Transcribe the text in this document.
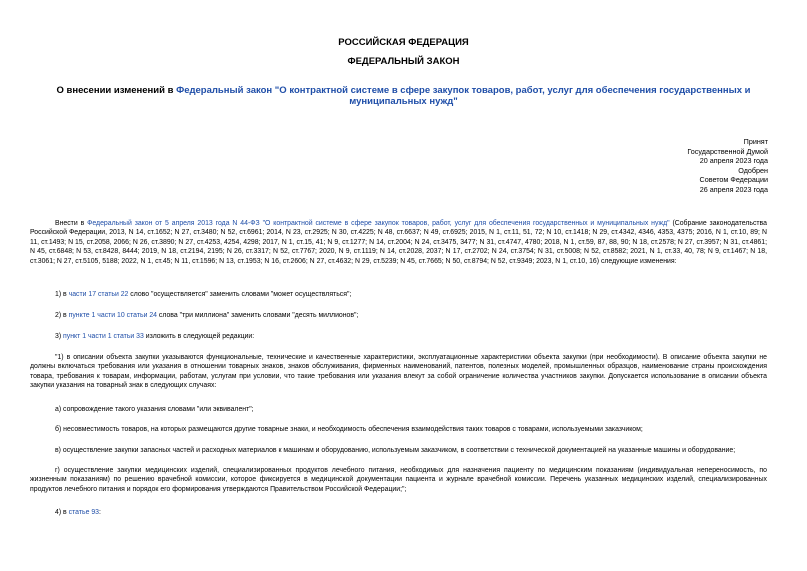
РОССИЙСКАЯ ФЕДЕРАЦИЯ
ФЕДЕРАЛЬНЫЙ ЗАКОН
О внесении изменений в Федеральный закон "О контрактной системе в сфере закупок товаров, работ, услуг для обеспечения государственных и муниципальных нужд"
Принят
Государственной Думой
20 апреля 2023 года
Одобрен
Советом Федерации
26 апреля 2023 года
Внести в Федеральный закон от 5 апреля 2013 года N 44-ФЗ "О контрактной системе в сфере закупок товаров, работ, услуг для обеспечения государственных и муниципальных нужд" (Собрание законодательства Российской Федерации, 2013, N 14, ст.1652; N 27, ст.3480; N 52, ст.6961; 2014, N 23, ст.2925; N 30, ст.4225; N 48, ст.6637; N 49, ст.6925; 2015, N 1, ст.11, 51, 72; N 10, ст.1418; N 29, ст.4342, 4346, 4353, 4375; 2016, N 1, ст.10, 89; N 11, ст.1493; N 15, ст.2058, 2066; N 26, ст.3890; N 27, ст.4253, 4254, 4298; 2017, N 1, ст.15, 41; N 9, ст.1277; N 14, ст.2004; N 24, ст.3475, 3477; N 31, ст.4747, 4780; 2018, N 1, ст.59, 87, 88, 90; N 18, ст.2578; N 27, ст.3957; N 31, ст.4861; N 45, ст.6848; N 53, ст.8428, 8444; 2019, N 18, ст.2194, 2195; N 26, ст.3317; N 52, ст.7767; 2020, N 9, ст.1119; N 14, ст.2028, 2037; N 17, ст.2702; N 24, ст.3754; N 31, ст.5008; N 52, ст.8582; 2021, N 1, ст.33, 40, 78; N 9, ст.1467; N 18, ст.3061; N 27, ст.5105, 5188; 2022, N 1, ст.45; N 11, ст.1596; N 13, ст.1953; N 16, ст.2606; N 27, ст.4632; N 29, ст.5239; N 45, ст.7665; N 50, ст.8794; N 52, ст.9349; 2023, N 1, ст.10, 16) следующие изменения:
1) в части 17 статьи 22 слово "осуществляется" заменить словами "может осуществляться";
2) в пункте 1 части 10 статьи 24 слова "три миллиона" заменить словами "десять миллионов";
3) пункт 1 части 1 статьи 33 изложить в следующей редакции:
"1) в описании объекта закупки указываются функциональные, технические и качественные характеристики, эксплуатационные характеристики объекта закупки (при необходимости). В описание объекта закупки не должны включаться требования или указания в отношении товарных знаков, знаков обслуживания, фирменных наименований, патентов, полезных моделей, промышленных образцов, наименование страны происхождения товара, требования к товарам, информации, работам, услугам при условии, что такие требования или указания влекут за собой ограничение количества участников закупки. Допускается использование в описании объекта закупки указания на товарный знак в следующих случаях:
а) сопровождение такого указания словами "или эквивалент";
б) несовместимость товаров, на которых размещаются другие товарные знаки, и необходимость обеспечения взаимодействия таких товаров с товарами, используемыми заказчиком;
в) осуществление закупки запасных частей и расходных материалов к машинам и оборудованию, используемым заказчиком, в соответствии с технической документацией на указанные машины и оборудование;
г) осуществление закупки медицинских изделий, специализированных продуктов лечебного питания, необходимых для назначения пациенту по медицинским показаниям (индивидуальная непереносимость, по жизненным показаниям) по решению врачебной комиссии, которое фиксируется в медицинской документации пациента и журнале врачебной комиссии. Перечень указанных медицинских изделий, специализированных продуктов лечебного питания и порядок его формирования утверждаются Правительством Российской Федерации;";
4) в статье 93:
